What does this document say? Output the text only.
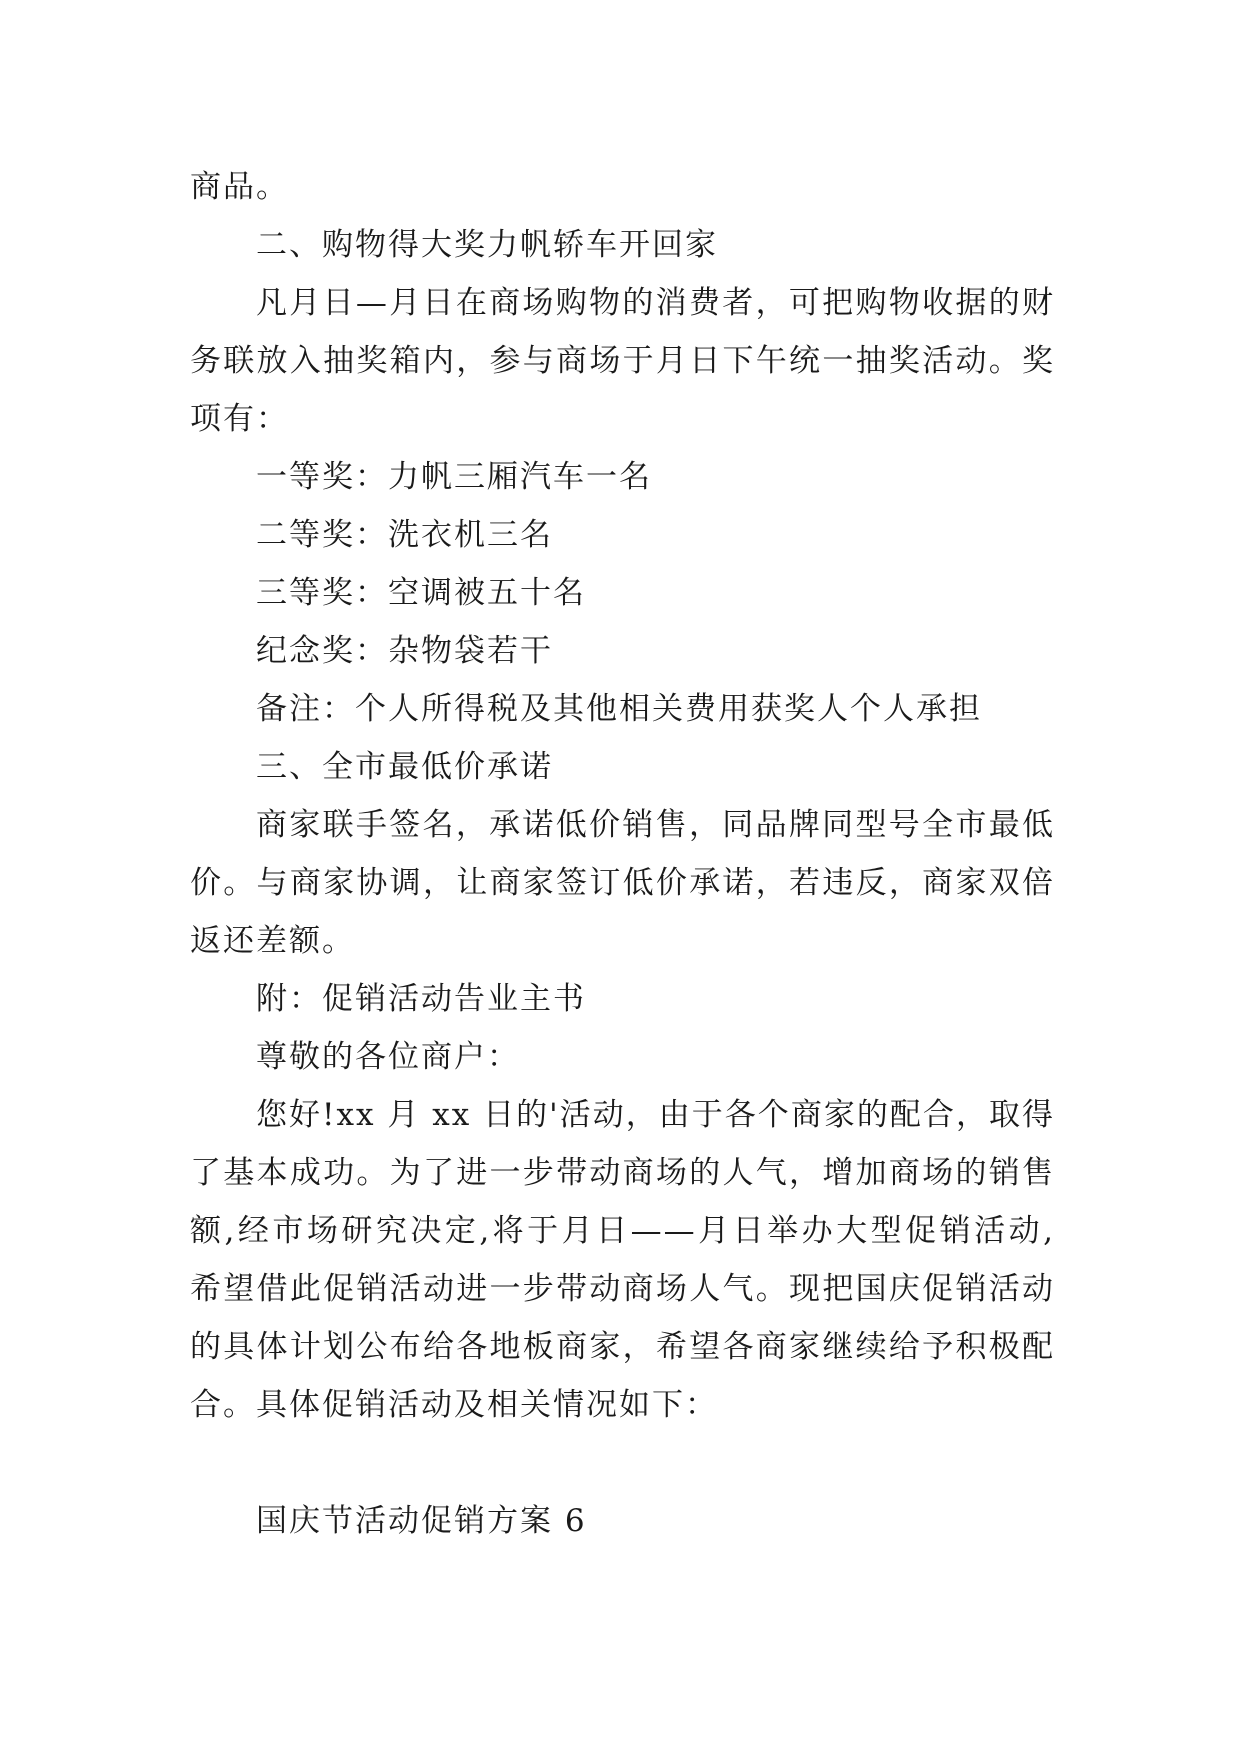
商品。
二、购物得大奖力帆轿车开回家
凡月日—月日在商场购物的消费者，可把购物收据的财
务联放入抽奖箱内，参与商场于月日下午统一抽奖活动。奖
项有：
一等奖：力帆三厢汽车一名
二等奖：洗衣机三名
三等奖：空调被五十名
纪念奖：杂物袋若干
备注：个人所得税及其他相关费用获奖人个人承担
三、全市最低价承诺
商家联手签名，承诺低价销售，同品牌同型号全市最低
价。与商家协调，让商家签订低价承诺，若违反，商家双倍
返还差额。
附：促销活动告业主书
尊敬的各位商户：
您好!xx 月 xx 日的'活动，由于各个商家的配合，取得
了基本成功。为了进一步带动商场的人气，增加商场的销售
额,经市场研究决定,将于月日——月日举办大型促销活动,
希望借此促销活动进一步带动商场人气。现把国庆促销活动
的具体计划公布给各地板商家，希望各商家继续给予积极配
合。具体促销活动及相关情况如下：
国庆节活动促销方案 6
